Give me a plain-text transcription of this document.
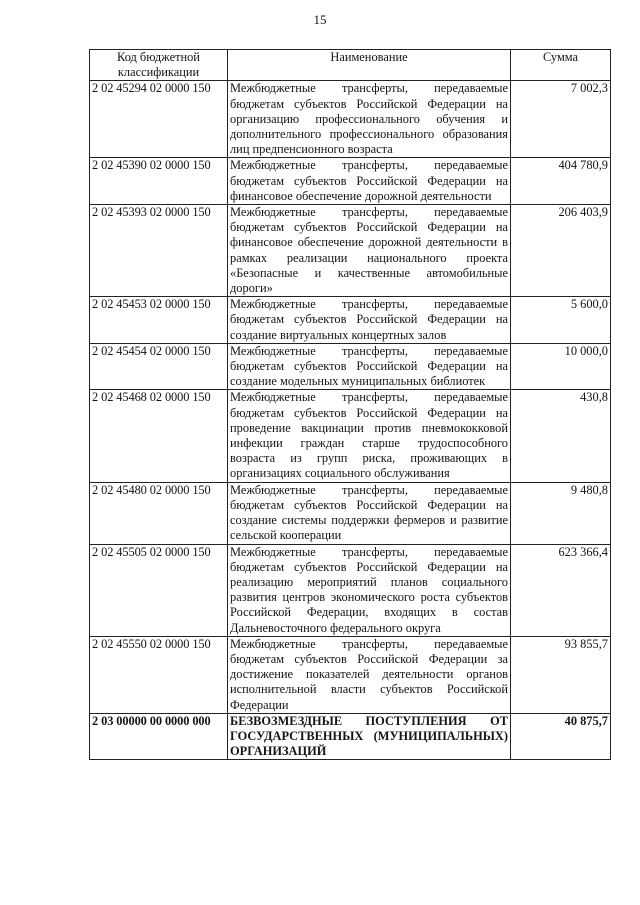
15
Код бюджетной классификации	Наименование	Сумма
2 02 45294 02 0000 150	Межбюджетные трансферты, передаваемые бюджетам субъектов Российской Федерации на организацию профессионального обучения и дополнительного профессионального образования лиц предпенсионного возраста	7 002,3
2 02 45390 02 0000 150	Межбюджетные трансферты, передаваемые бюджетам субъектов Российской Федерации на финансовое обеспечение дорожной деятельности	404 780,9
2 02 45393 02 0000 150	Межбюджетные трансферты, передаваемые бюджетам субъектов Российской Федерации на финансовое обеспечение дорожной деятельности в рамках реализации национального проекта «Безопасные и качественные автомобильные дороги»	206 403,9
2 02 45453 02 0000 150	Межбюджетные трансферты, передаваемые бюджетам субъектов Российской Федерации на создание виртуальных концертных залов	5 600,0
2 02 45454 02 0000 150	Межбюджетные трансферты, передаваемые бюджетам субъектов Российской Федерации на создание модельных муниципальных библиотек	10 000,0
2 02 45468 02 0000 150	Межбюджетные трансферты, передаваемые бюджетам субъектов Российской Федерации на проведение вакцинации против пневмококковой инфекции граждан старше трудоспособного возраста из групп риска, проживающих в организациях социального обслуживания	430,8
2 02 45480 02 0000 150	Межбюджетные трансферты, передаваемые бюджетам субъектов Российской Федерации на создание системы поддержки фермеров и развитие сельской кооперации	9 480,8
2 02 45505 02 0000 150	Межбюджетные трансферты, передаваемые бюджетам субъектов Российской Федерации на реализацию мероприятий планов социального развития центров экономического роста субъектов Российской Федерации, входящих в состав Дальневосточного федерального округа	623 366,4
2 02 45550 02 0000 150	Межбюджетные трансферты, передаваемые бюджетам субъектов Российской Федерации за достижение показателей деятельности органов исполнительной власти субъектов Российской Федерации	93 855,7
2 03 00000 00 0000 000	БЕЗВОЗМЕЗДНЫЕ ПОСТУПЛЕНИЯ ОТ ГОСУДАРСТВЕННЫХ (МУНИЦИПАЛЬНЫХ) ОРГАНИЗАЦИЙ	40 875,7
